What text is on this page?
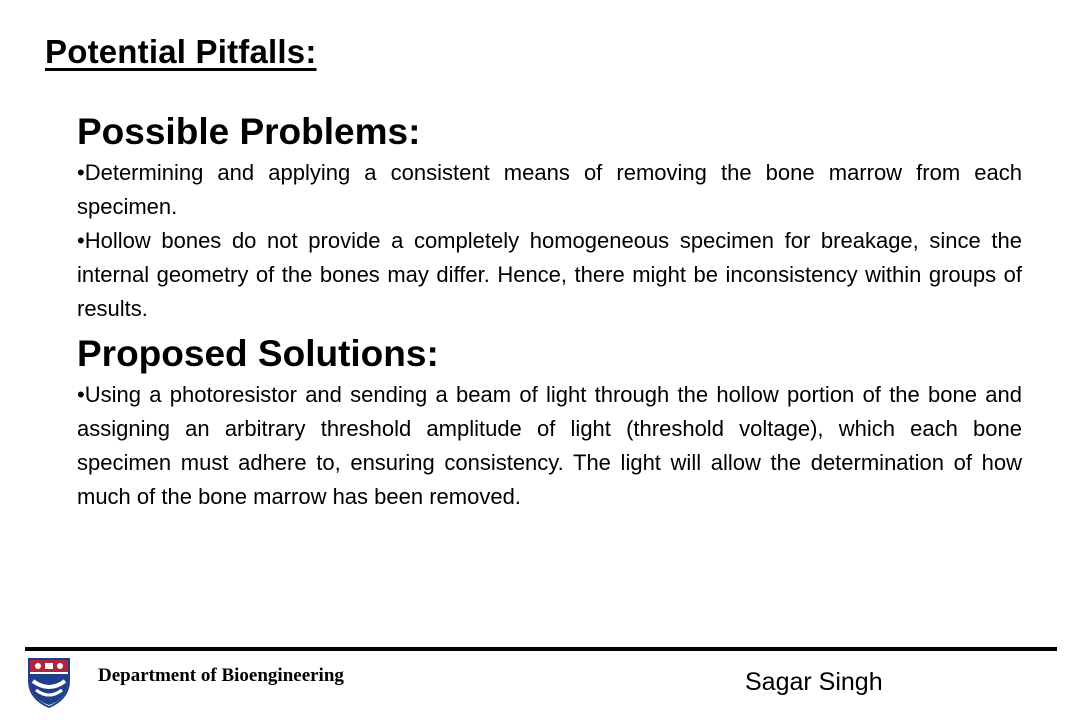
Potential Pitfalls:
Possible Problems:

• Determining and applying a consistent means of removing the bone marrow from each specimen.

• Hollow bones do not provide a completely homogeneous specimen for breakage, since the internal geometry of the bones may differ. Hence, there might be inconsistency within groups of results.

Proposed Solutions:

• Using a photoresistor and sending a beam of light through the hollow portion of the bone and assigning an arbitrary threshold amplitude of light (threshold voltage), which each bone specimen must adhere to, ensuring consistency. The light will allow the determination of how much of the bone marrow has been removed.

Department of Bioengineering	Sagar Singh
